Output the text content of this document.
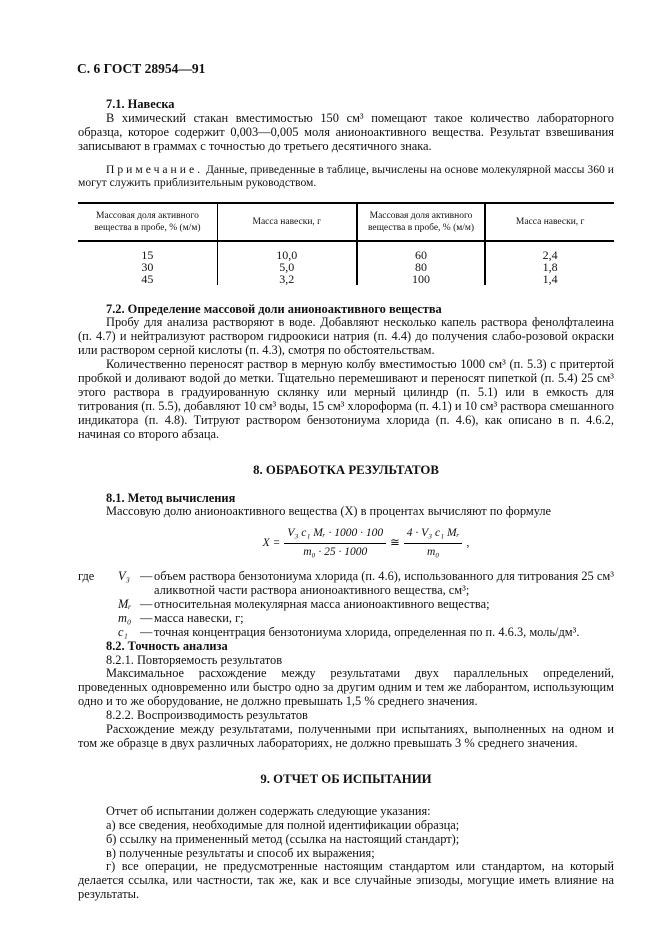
С. 6 ГОСТ 28954—91
7.1. Навеска

В химический стакан вместимостью 150 см³ помещают такое количество лабораторного образца, которое содержит 0,003—0,005 моля анионоактивного вещества. Результат взвешивания записывают в граммах с точностью до третьего десятичного знака.

Примечание. Данные, приведенные в таблице, вычислены на основе молекулярной массы 360 и могут служить приблизительным руководством.

Массовая доля активного вещества в пробе, % (м/м)	Масса навески, г	Массовая доля активного вещества в пробе, % (м/м)	Масса навески, г
15	10,0	60	2,4
30	5,0	80	1,8
45	3,2	100	1,4
7.2. Определение массовой доли анионоактивного вещества

Пробу для анализа растворяют в воде. Добавляют несколько капель раствора фенолфталеина (п. 4.7) и нейтрализуют раствором гидроокиси натрия (п. 4.4) до получения слабо-розовой окраски или раствором серной кислоты (п. 4.3), смотря по обстоятельствам.

Количественно переносят раствор в мерную колбу вместимостью 1000 см³ (п. 5.3) с притертой пробкой и доливают водой до метки. Тщательно перемешивают и переносят пипеткой (п. 5.4) 25 см³ этого раствора в градуированную склянку или мерный цилиндр (п. 5.1) или в емкость для титрования (п. 5.5), добавляют 10 см³ воды, 15 см³ хлороформа (п. 4.1) и 10 см³ раствора смешанного индикатора (п. 4.8). Титруют раствором бензотониума хлорида (п. 4.6), как описано в п. 4.6.2, начиная со второго абзаца.

8. ОБРАБОТКА РЕЗУЛЬТАТОВ
8.1. Метод вычисления

Массовую долю анионоактивного вещества (X) в процентах вычисляют по формуле

$X = \frac{\text{V₃ c₁ Mᵣ · 1000 · 100}}{\text{m₀ · 25 · 1000}}$ ≅ $\frac{\text{4 · V₃ c₁ Mᵣ}}{\text{m₀}}$ ,
где	V₃ — объем раствора бензотониума хлорида (п. 4.6), использованного для титрования 25 см³ аликвотной части раствора анионоактивного вещества, см³;
Mᵣ — относительная молекулярная масса анионоактивного вещества;
m₀ — масса навески, г;
c₁ — точная концентрация бензотониума хлорида, определенная по п. 4.6.3, моль/дм³.
8.2. Точность анализа

8.2.1. Повторяемость результатов

Максимальное расхождение между результатами двух параллельных определений, проведенных одновременно или быстро одно за другим одним и тем же лаборантом, использующим одно и то же оборудование, не должно превышать 1,5 % среднего значения.

8.2.2. Воспроизводимость результатов

Расхождение между результатами, полученными при испытаниях, выполненных на одном и том же образце в двух различных лабораториях, не должно превышать 3 % среднего значения.

9. ОТЧЕТ ОБ ИСПЫТАНИИ

Отчет об испытании должен содержать следующие указания:

а) все сведения, необходимые для полной идентификации образца;

б) ссылку на примененный метод (ссылка на настоящий стандарт);

в) полученные результаты и способ их выражения;

г) все операции, не предусмотренные настоящим стандартом или стандартом, на который делается ссылка, или частности, так же, как и все случайные эпизоды, могущие иметь влияние на результаты.
